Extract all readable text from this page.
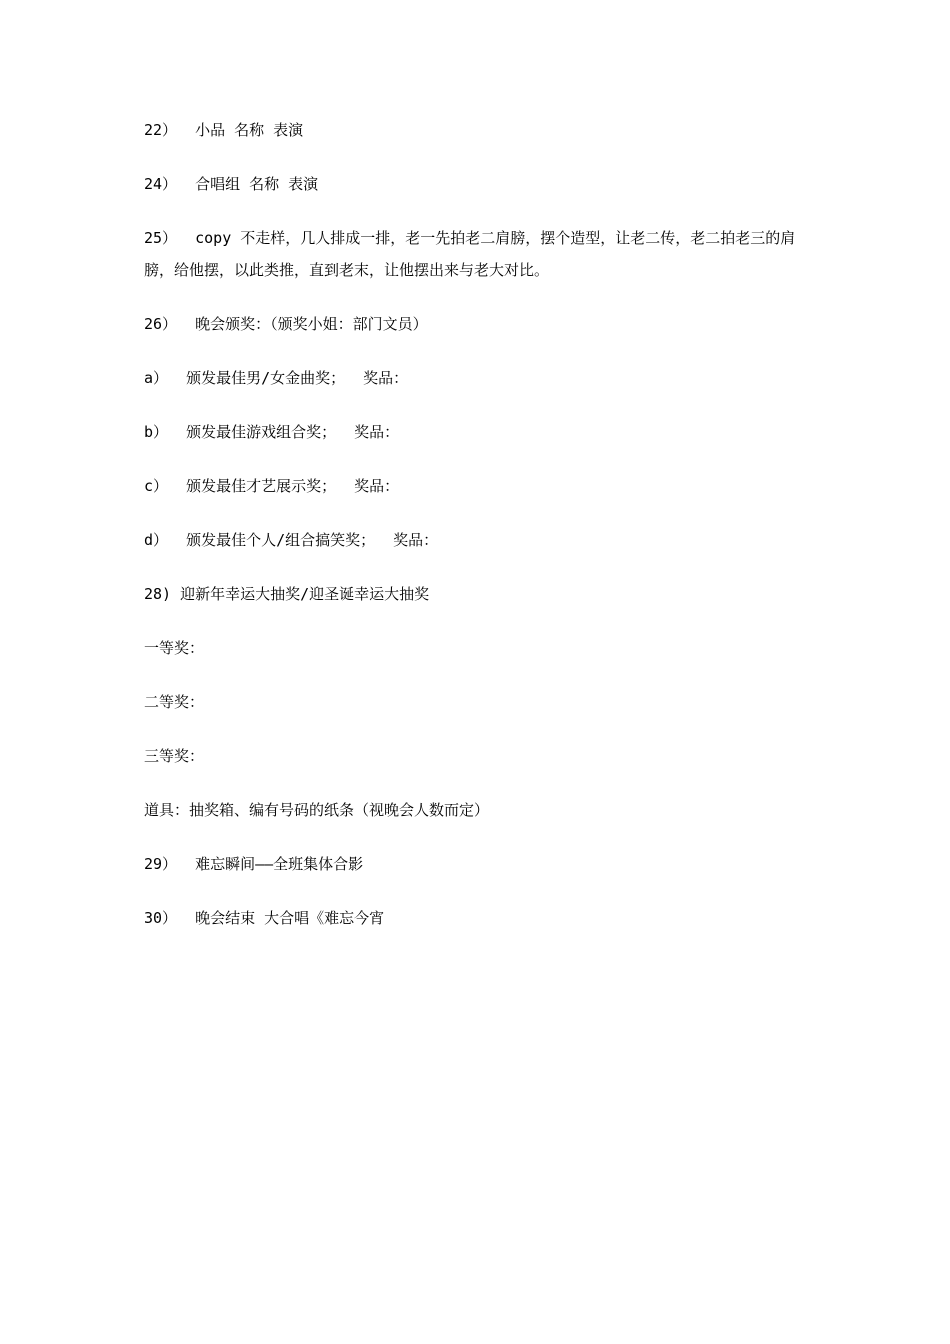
22）  小品 名称 表演

24）  合唱组 名称 表演

25）  copy 不走样，几人排成一排，老一先拍老二肩膀，摆个造型，让老二传，老二拍老三的肩膀，给他摆，以此类推，直到老末，让他摆出来与老大对比。

26）  晚会颁奖：（颁奖小姐：部门文员）

a）  颁发最佳男/女金曲奖；  奖品：

b）  颁发最佳游戏组合奖；  奖品：

c）  颁发最佳才艺展示奖；  奖品：

d）  颁发最佳个人/组合搞笑奖；  奖品：

28) 迎新年幸运大抽奖/迎圣诞幸运大抽奖

一等奖：

二等奖：

三等奖：

道具：抽奖箱、编有号码的纸条（视晚会人数而定）

29）  难忘瞬间——全班集体合影

30）  晚会结束 大合唱《难忘今宵
